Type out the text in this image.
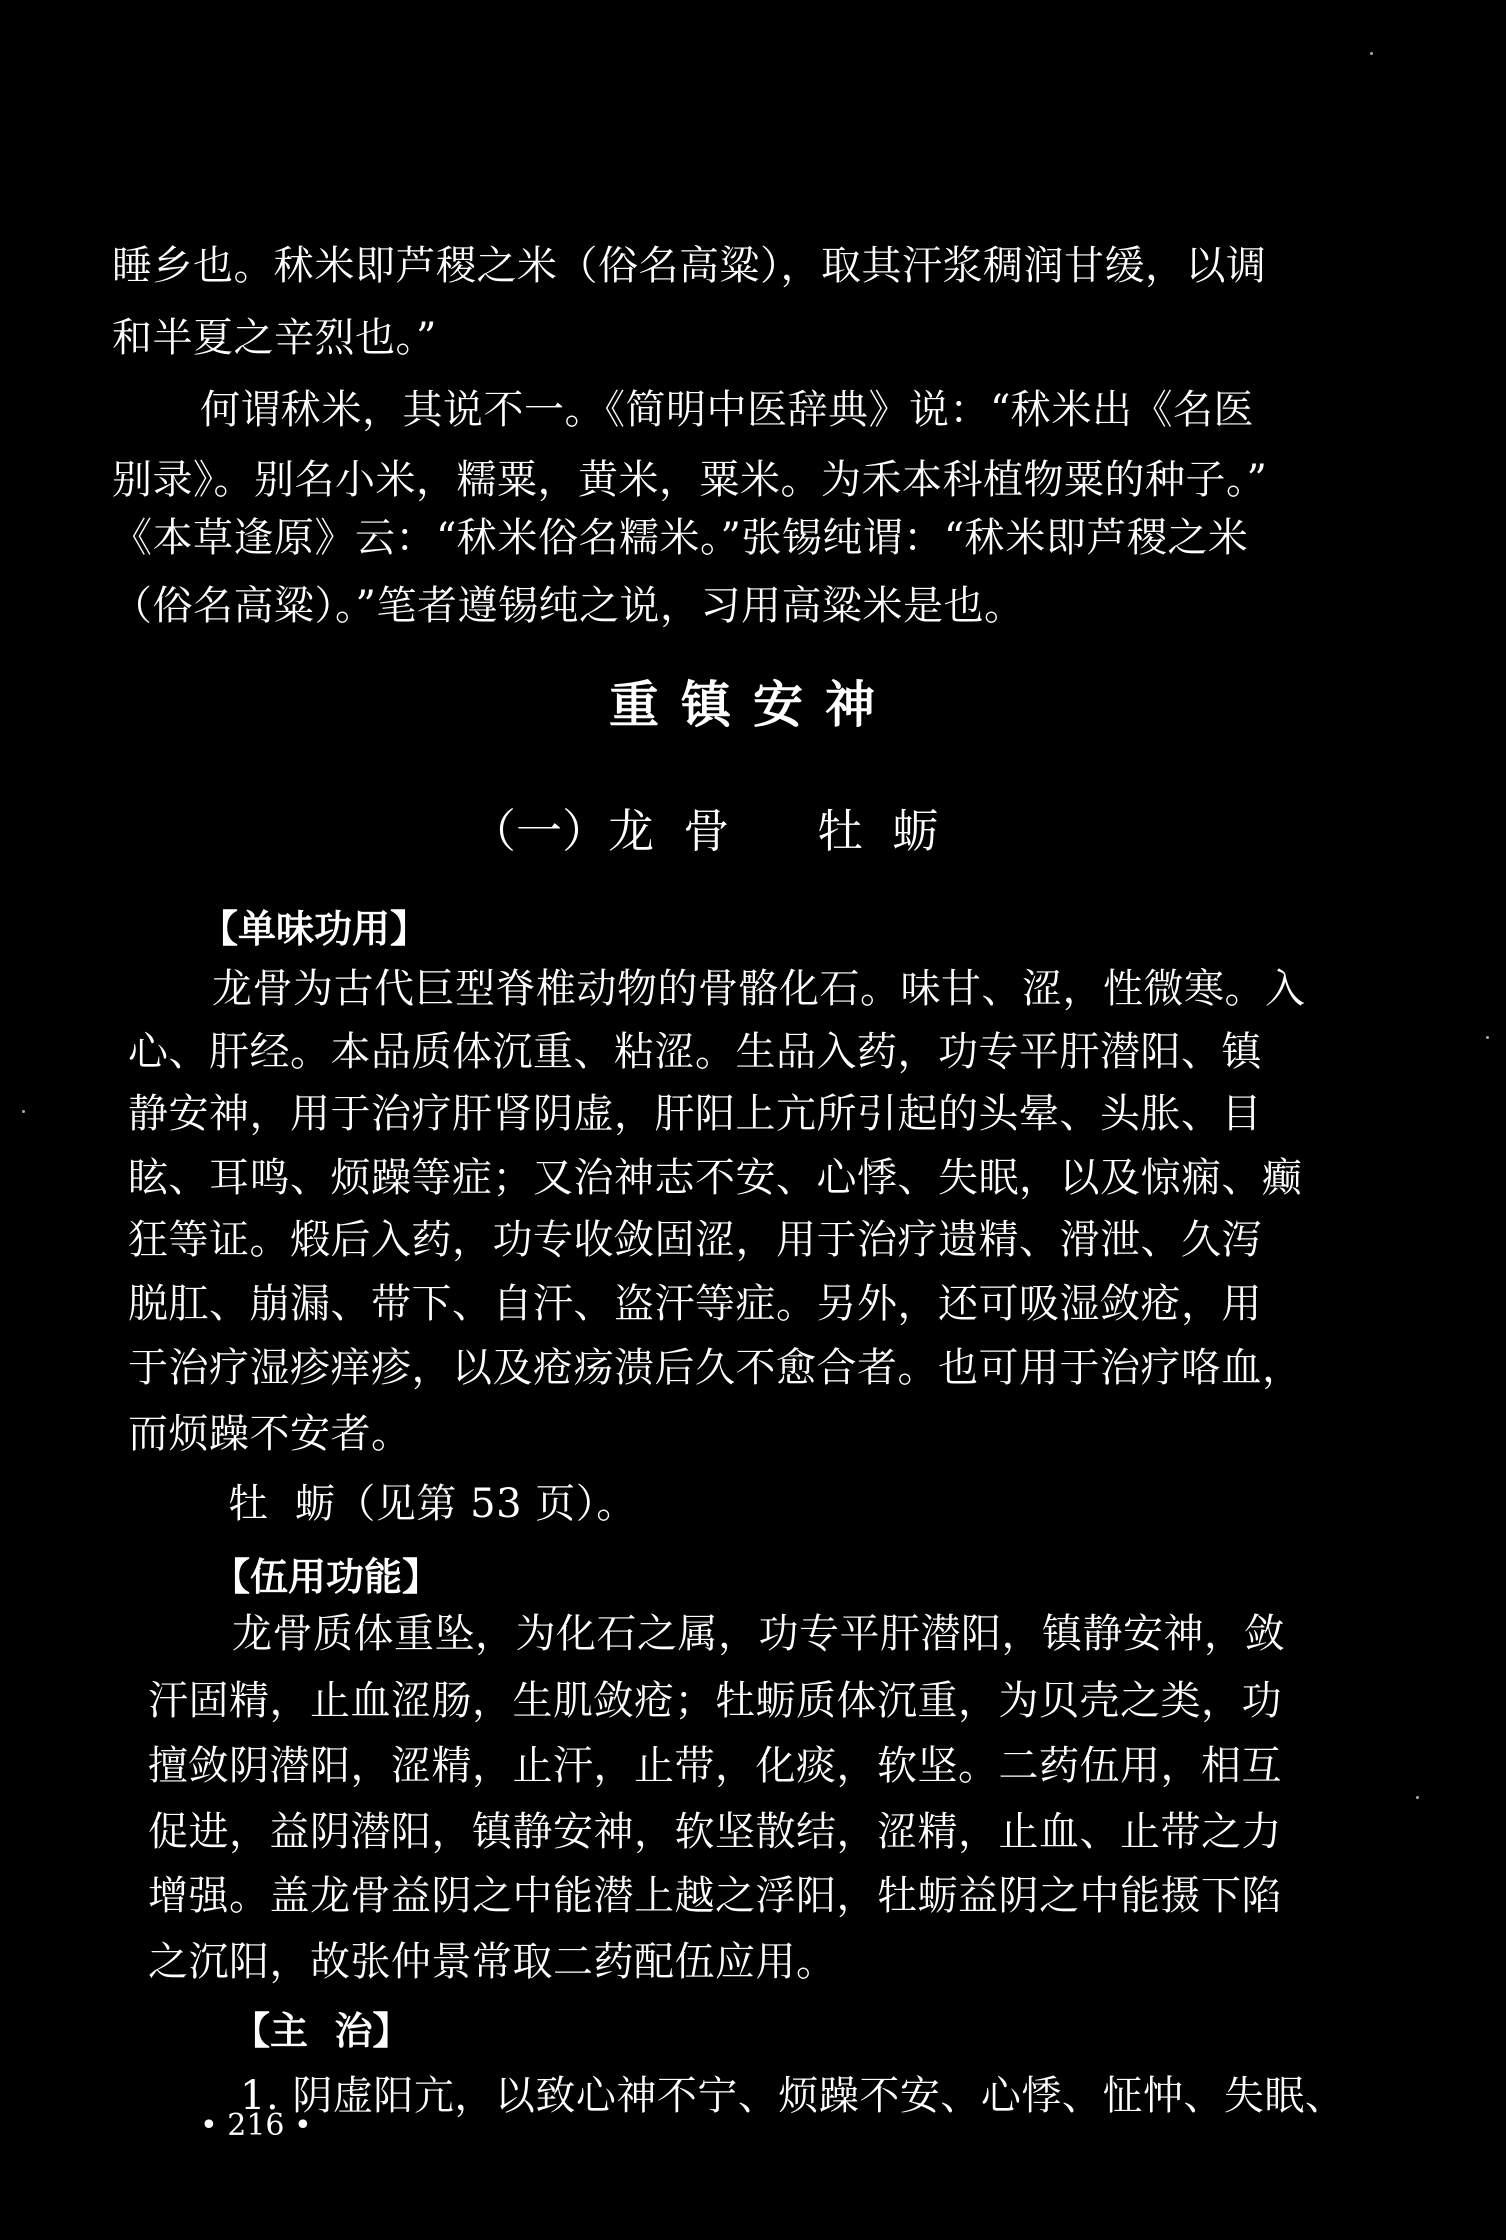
睡乡也。秫米即芦稷之米（俗名高粱），取其汗浆稠润甘缓，以调
和半夏之辛烈也。”
何谓秫米，其说不一。《简明中医辞典》说：“秫米出《名医
别录》。别名小米，糯粟，黄米，粟米。为禾本科植物粟的种子。”
《本草逢原》云：“秫米俗名糯米。”张锡纯谓：“秫米即芦稷之米
（俗名高粱）。”笔者遵锡纯之说，习用高粱米是也。
重镇安神
（一）龙  骨      牡  蛎
【单味功用】
龙骨为古代巨型脊椎动物的骨骼化石。味甘、涩，性微寒。入
心、肝经。本品质体沉重、粘涩。生品入药，功专平肝潜阳、镇
静安神，用于治疗肝肾阴虚，肝阳上亢所引起的头晕、头胀、目
眩、耳鸣、烦躁等症；又治神志不安、心悸、失眠，以及惊痫、癫
狂等证。煅后入药，功专收敛固涩，用于治疗遗精、滑泄、久泻
脱肛、崩漏、带下、自汗、盗汗等症。另外，还可吸湿敛疮，用
于治疗湿疹痒疹，以及疮疡溃后久不愈合者。也可用于治疗咯血，
而烦躁不安者。
牡  蛎（见第 53 页）。
【伍用功能】
龙骨质体重坠，为化石之属，功专平肝潜阳，镇静安神，敛
汗固精，止血涩肠，生肌敛疮；牡蛎质体沉重，为贝壳之类，功
擅敛阴潜阳，涩精，止汗，止带，化痰，软坚。二药伍用，相互
促进，益阴潜阳，镇静安神，软坚散结，涩精，止血、止带之力
增强。盖龙骨益阴之中能潜上越之浮阳，牡蛎益阴之中能摄下陷
之沉阳，故张仲景常取二药配伍应用。
【主  治】
1. 阴虚阳亢，以致心神不宁、烦躁不安、心悸、怔忡、失眠、
• 216 •
